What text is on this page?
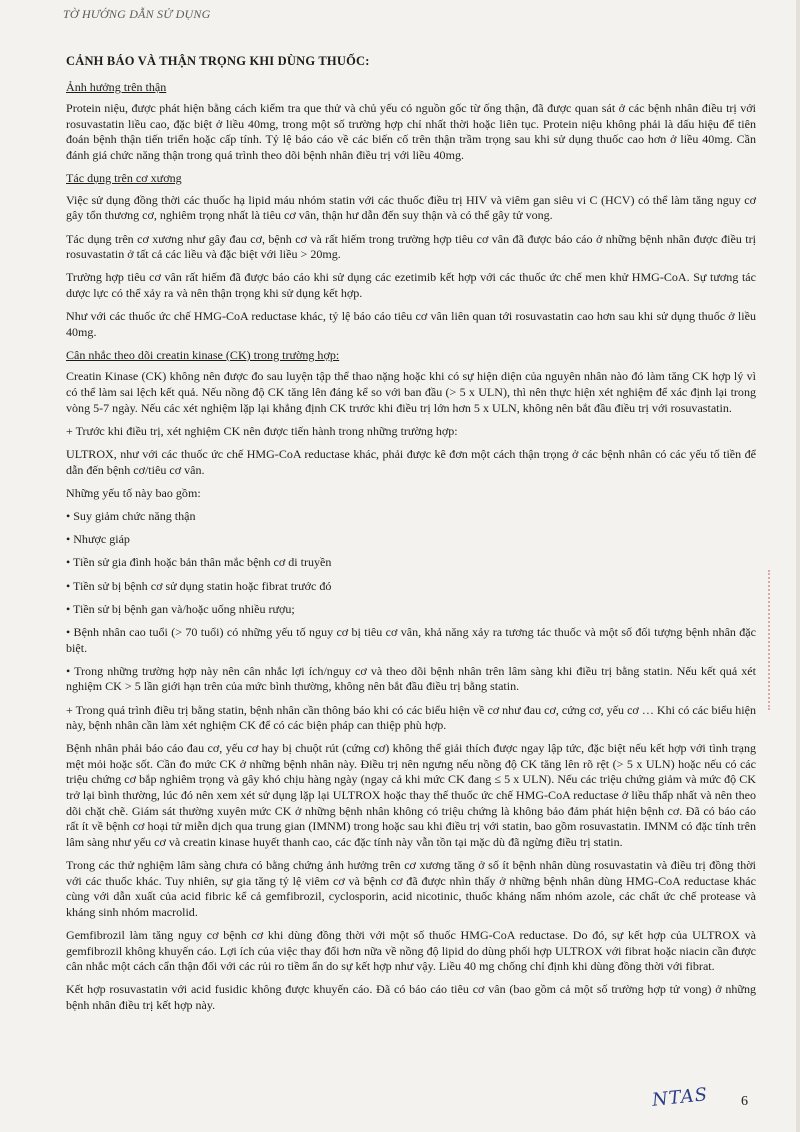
TỜ HƯỚNG DẪN SỬ DỤNG
CẢNH BÁO VÀ THẬN TRỌNG KHI DÙNG THUỐC:

Ảnh hưởng trên thận

Protein niệu, được phát hiện bằng cách kiểm tra que thử và chủ yếu có nguồn gốc từ ống thận, đã được quan sát ở các bệnh nhân điều trị với rosuvastatin liều cao, đặc biệt ở liều 40mg, trong một số trường hợp chỉ nhất thời hoặc liên tục. Protein niệu không phải là dấu hiệu để tiên đoán bệnh thận tiến triển hoặc cấp tính. Tỷ lệ báo cáo về các biến cố trên thận trầm trọng sau khi sử dụng thuốc cao hơn ở liều 40mg. Cần đánh giá chức năng thận trong quá trình theo dõi bệnh nhân điều trị với liều 40mg.

Tác dụng trên cơ xương

Việc sử dụng đồng thời các thuốc hạ lipid máu nhóm statin với các thuốc điều trị HIV và viêm gan siêu vi C (HCV) có thể làm tăng nguy cơ gây tổn thương cơ, nghiêm trọng nhất là tiêu cơ vân, thận hư dẫn đến suy thận và có thể gây tử vong.

Tác dụng trên cơ xương như gây đau cơ, bệnh cơ và rất hiếm trong trường hợp tiêu cơ vân đã được báo cáo ở những bệnh nhân được điều trị rosuvastatin ở tất cả các liều và đặc biệt với liều > 20mg.

Trường hợp tiêu cơ vân rất hiếm đã được báo cáo khi sử dụng các ezetimib kết hợp với các thuốc ức chế men khử HMG-CoA. Sự tương tác dược lực có thể xảy ra và nên thận trọng khi sử dụng kết hợp.

Như với các thuốc ức chế HMG-CoA reductase khác, tỷ lệ báo cáo tiêu cơ vân liên quan tới rosuvastatin cao hơn sau khi sử dụng thuốc ở liều 40mg.

Cân nhắc theo dõi creatin kinase (CK) trong trường hợp:

Creatin Kinase (CK) không nên được đo sau luyện tập thể thao nặng hoặc khi có sự hiện diện của nguyên nhân nào đó làm tăng CK hợp lý vì có thể làm sai lệch kết quả. Nếu nồng độ CK tăng lên đáng kể so với ban đầu (> 5 x ULN), thì nên thực hiện xét nghiệm để xác định lại trong vòng 5-7 ngày. Nếu các xét nghiệm lặp lại khẳng định CK trước khi điều trị lớn hơn 5 x ULN, không nên bắt đầu điều trị với rosuvastatin.

+ Trước khi điều trị, xét nghiệm CK nên được tiến hành trong những trường hợp:

ULTROX, như với các thuốc ức chế HMG-CoA reductase khác, phải được kê đơn một cách thận trọng ở các bệnh nhân có các yếu tố tiền để dẫn đến bệnh cơ/tiêu cơ vân.

Những yếu tố này bao gồm:

• Suy giảm chức năng thận

• Nhược giáp

• Tiền sử gia đình hoặc bản thân mắc bệnh cơ di truyền

• Tiền sử bị bệnh cơ sử dụng statin hoặc fibrat trước đó

• Tiền sử bị bệnh gan và/hoặc uống nhiều rượu;

• Bệnh nhân cao tuổi (> 70 tuổi) có những yếu tố nguy cơ bị tiêu cơ vân, khả năng xảy ra tương tác thuốc và một số đối tượng bệnh nhân đặc biệt.

• Trong những trường hợp này nên cân nhắc lợi ích/nguy cơ và theo dõi bệnh nhân trên lâm sàng khi điều trị bằng statin. Nếu kết quả xét nghiệm CK > 5 lần giới hạn trên của mức bình thường, không nên bắt đầu điều trị bằng statin.

+ Trong quá trình điều trị bằng statin, bệnh nhân cần thông báo khi có các biểu hiện về cơ như đau cơ, cứng cơ, yếu cơ … Khi có các biểu hiện này, bệnh nhân cần làm xét nghiệm CK để có các biện pháp can thiệp phù hợp.

Bệnh nhân phải báo cáo đau cơ, yếu cơ hay bị chuột rút (cứng cơ) không thể giải thích được ngay lập tức, đặc biệt nếu kết hợp với tình trạng mệt mỏi hoặc sốt. Cần đo mức CK ở những bệnh nhân này. Điều trị nên ngưng nếu nồng độ CK tăng lên rõ rệt (> 5 x ULN) hoặc nếu có các triệu chứng cơ bắp nghiêm trọng và gây khó chịu hàng ngày (ngay cả khi mức CK đang ≤ 5 x ULN). Nếu các triệu chứng giảm và mức độ CK trở lại bình thường, lúc đó nên xem xét sử dụng lặp lại ULTROX hoặc thay thế thuốc ức chế HMG-CoA reductase ở liều thấp nhất và nên theo dõi chặt chẽ. Giám sát thường xuyên mức CK ở những bệnh nhân không có triệu chứng là không bảo đảm phát hiện bệnh cơ. Đã có báo cáo rất ít về bệnh cơ hoại tử miễn dịch qua trung gian (IMNM) trong hoặc sau khi điều trị với statin, bao gồm rosuvastatin. IMNM có đặc tính trên lâm sàng như yếu cơ và creatin kinase huyết thanh cao, các đặc tính này vẫn tồn tại mặc dù đã ngừng điều trị statin.

Trong các thử nghiệm lâm sàng chưa có bằng chứng ảnh hưởng trên cơ xương tăng ở số ít bệnh nhân dùng rosuvastatin và điều trị đồng thời với các thuốc khác. Tuy nhiên, sự gia tăng tỷ lệ viêm cơ và bệnh cơ đã được nhìn thấy ở những bệnh nhân dùng HMG-CoA reductase khác cùng với dẫn xuất của acid fibric kể cả gemfibrozil, cyclosporin, acid nicotinic, thuốc kháng nấm nhóm azole, các chất ức chế protease và kháng sinh nhóm macrolid.

Gemfibrozil làm tăng nguy cơ bệnh cơ khi dùng đồng thời với một số thuốc HMG-CoA reductase. Do đó, sự kết hợp của ULTROX và gemfibrozil không khuyến cáo. Lợi ích của việc thay đổi hơn nữa về nồng độ lipid do dùng phối hợp ULTROX với fibrat hoặc niacin cần được cân nhắc một cách cẩn thận đối với các rủi ro tiềm ẩn do sự kết hợp như vậy. Liều 40 mg chống chỉ định khi dùng đồng thời với fibrat.

Kết hợp rosuvastatin với acid fusidic không được khuyến cáo. Đã có báo cáo tiêu cơ vân (bao gồm cả một số trường hợp tử vong) ở những bệnh nhân điều trị kết hợp này.

NTAS 6
